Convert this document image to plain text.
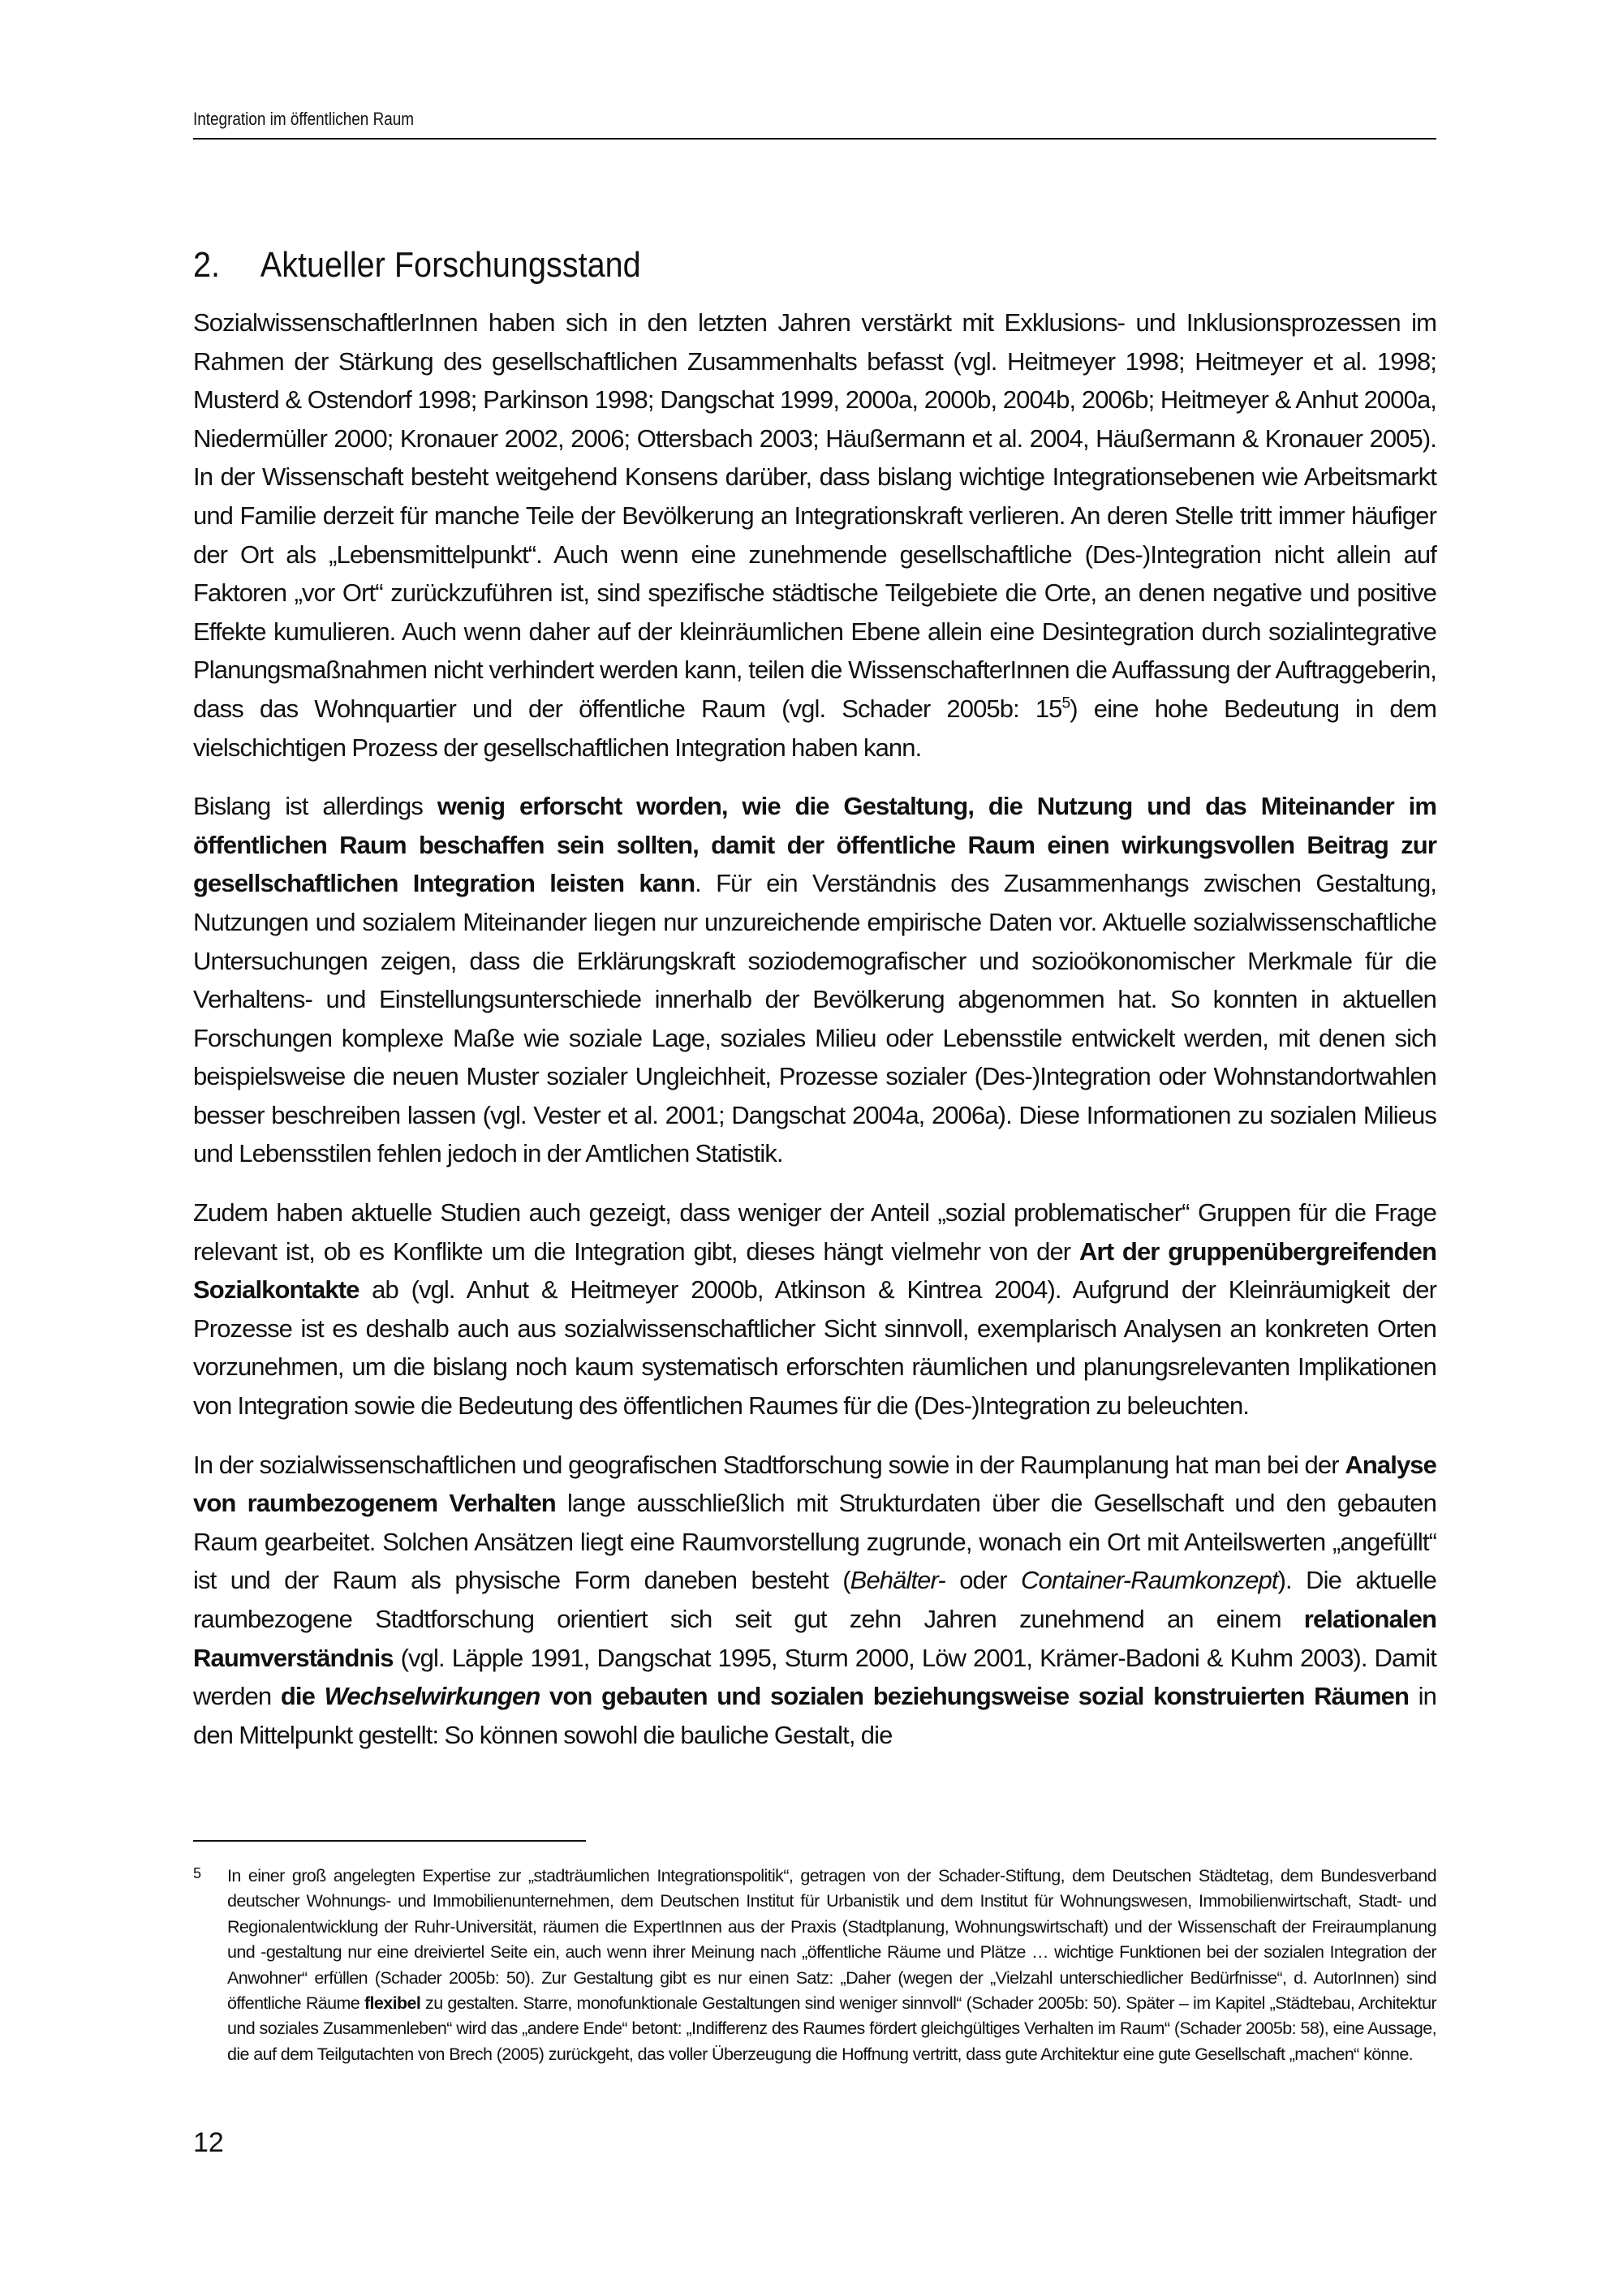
Integration im öffentlichen Raum
2. Aktueller Forschungsstand

SozialwissenschaftlerInnen haben sich in den letzten Jahren verstärkt mit Exklusions- und Inklusionsprozessen im Rahmen der Stärkung des gesellschaftlichen Zusammenhalts befasst (vgl. Heitmeyer 1998; Heitmeyer et al. 1998; Musterd & Ostendorf 1998; Parkinson 1998; Dangschat 1999, 2000a, 2000b, 2004b, 2006b; Heitmeyer & Anhut 2000a, Niedermüller 2000; Kronauer 2002, 2006; Ottersbach 2003; Häußermann et al. 2004, Häußermann & Kronauer 2005). In der Wissenschaft besteht weitgehend Konsens darüber, dass bislang wichtige Integrationsebenen wie Arbeitsmarkt und Familie derzeit für manche Teile der Bevölkerung an Integrationskraft verlieren. An deren Stelle tritt immer häufiger der Ort als „Lebensmittelpunkt“. Auch wenn eine zunehmende gesellschaftliche (Des-)Integration nicht allein auf Faktoren „vor Ort“ zurückzuführen ist, sind spezifische städtische Teilgebiete die Orte, an denen negative und positive Effekte kumulieren. Auch wenn daher auf der kleinräumlichen Ebene allein eine Desintegration durch sozialintegrative Planungsmaßnahmen nicht verhindert werden kann, teilen die WissenschafterInnen die Auffassung der Auftraggeberin, dass das Wohnquartier und der öffentliche Raum (vgl. Schader 2005b: $15^5$) eine hohe Bedeutung in dem vielschichtigen Prozess der gesellschaftlichen Integration haben kann.

Bislang ist allerdings wenig erforscht worden, wie die Gestaltung, die Nutzung und das Miteinander im öffentlichen Raum beschaffen sein sollten, damit der öffentliche Raum einen wirkungsvollen Beitrag zur gesellschaftlichen Integration leisten kann. Für ein Verständnis des Zusammenhangs zwischen Gestaltung, Nutzungen und sozialem Miteinander liegen nur unzureichende empirische Daten vor. Aktuelle sozialwissenschaftliche Untersuchungen zeigen, dass die Erklärungskraft soziodemografischer und sozioökonomischer Merkmale für die Verhaltens- und Einstellungsunterschiede innerhalb der Bevölkerung abgenommen hat. So konnten in aktuellen Forschungen komplexe Maße wie soziale Lage, soziales Milieu oder Lebensstile entwickelt werden, mit denen sich beispielsweise die neuen Muster sozialer Ungleichheit, Prozesse sozialer (Des-)Integration oder Wohnstandortwahlen besser beschreiben lassen (vgl. Vester et al. 2001; Dangschat 2004a, 2006a). Diese Informationen zu sozialen Milieus und Lebensstilen fehlen jedoch in der Amtlichen Statistik.

Zudem haben aktuelle Studien auch gezeigt, dass weniger der Anteil „sozial problematischer“ Gruppen für die Frage relevant ist, ob es Konflikte um die Integration gibt, dieses hängt vielmehr von der Art der gruppenübergreifenden Sozialkontakte ab (vgl. Anhut & Heitmeyer 2000b, Atkinson & Kintrea 2004). Aufgrund der Kleinräumigkeit der Prozesse ist es deshalb auch aus sozialwissenschaftlicher Sicht sinnvoll, exemplarisch Analysen an konkreten Orten vorzunehmen, um die bislang noch kaum systematisch erforschten räumlichen und planungsrelevanten Implikationen von Integration sowie die Bedeutung des öffentlichen Raumes für die (Des-)Integration zu beleuchten.

In der sozialwissenschaftlichen und geografischen Stadtforschung sowie in der Raumplanung hat man bei der Analyse von raumbezogenem Verhalten lange ausschließlich mit Strukturdaten über die Gesellschaft und den gebauten Raum gearbeitet. Solchen Ansätzen liegt eine Raumvorstellung zugrunde, wonach ein Ort mit Anteilswerten „angefüllt“ ist und der Raum als physische Form daneben besteht (Behälter- oder Container-Raumkonzept). Die aktuelle raumbezogene Stadtforschung orientiert sich seit gut zehn Jahren zunehmend an einem relationalen Raumverständnis (vgl. Läpple 1991, Dangschat 1995, Sturm 2000, Löw 2001, Krämer-Badoni & Kuhm 2003). Damit werden die Wechselwirkungen von gebauten und sozialen beziehungsweise sozial konstruierten Räumen in den Mittelpunkt gestellt: So können sowohl die bauliche Gestalt, die

5	In einer groß angelegten Expertise zur „stadträumlichen Integrationspolitik“, getragen von der Schader-Stiftung, dem Deutschen Städtetag, dem Bundesverband deutscher Wohnungs- und Immobilienunternehmen, dem Deutschen Institut für Urbanistik und dem Institut für Wohnungswesen, Immobilienwirtschaft, Stadt- und Regionalentwicklung der Ruhr-Universität, räumen die ExpertInnen aus der Praxis (Stadtplanung, Wohnungswirtschaft) und der Wissenschaft der Freiraumplanung und -gestaltung nur eine dreiviertel Seite ein, auch wenn ihrer Meinung nach „öffentliche Räume und Plätze … wichtige Funktionen bei der sozialen Integration der Anwohner“ erfüllen (Schader 2005b: 50). Zur Gestaltung gibt es nur einen Satz: „Daher (wegen der „Vielzahl unterschiedlicher Bedürfnisse“, d. AutorInnen) sind öffentliche Räume flexibel zu gestalten. Starre, monofunktionale Gestaltungen sind weniger sinnvoll“ (Schader 2005b: 50). Später – im Kapitel „Städtebau, Architektur und soziales Zusammenleben“ wird das „andere Ende“ betont: „Indifferenz des Raumes fördert gleichgültiges Verhalten im Raum“ (Schader 2005b: 58), eine Aussage, die auf dem Teilgutachten von Brech (2005) zurückgeht, das voller Überzeugung die Hoffnung vertritt, dass gute Architektur eine gute Gesellschaft „machen“ könne.
12
